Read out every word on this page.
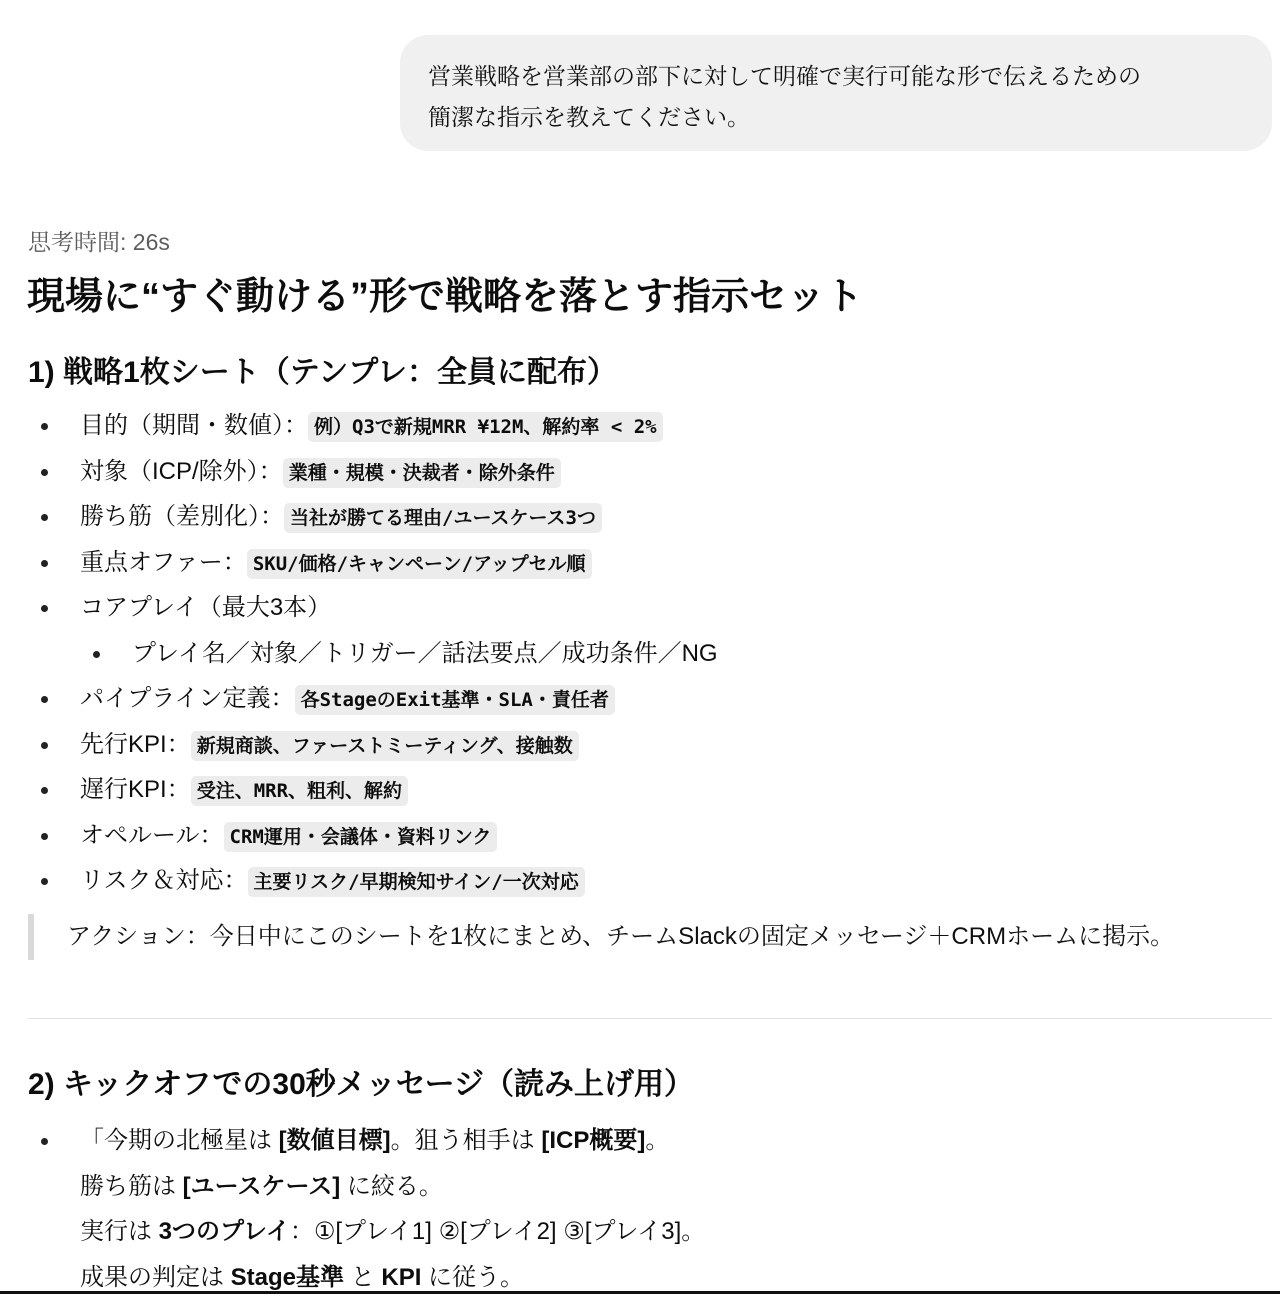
営業戦略を営業部の部下に対して明確で実行可能な形で伝えるための
簡潔な指示を教えてください。
思考時間: 26s
現場に“すぐ動ける”形で戦略を落とす指示セット
1) 戦略1枚シート（テンプレ：全員に配布）
目的（期間・数値）： 例）Q3で新規MRR ¥12M、解約率 < 2%
対象（ICP/除外）： 業種・規模・決裁者・除外条件
勝ち筋（差別化）： 当社が勝てる理由/ユースケース3つ
重点オファー： SKU/価格/キャンペーン/アップセル順
コアプレイ（最大3本）
プレイ名／対象／トリガー／話法要点／成功条件／NG
パイプライン定義： 各StageのExit基準・SLA・責任者
先行KPI： 新規商談、ファーストミーティング、接触数
遅行KPI： 受注、MRR、粗利、解約
オペルール： CRM運用・会議体・資料リンク
リスク＆対応： 主要リスク/早期検知サイン/一次対応
アクション：今日中にこのシートを1枚にまとめ、チームSlackの固定メッセージ＋CRMホームに掲示。
2) キックオフでの30秒メッセージ（読み上げ用）
「今期の北極星は [数値目標]。狙う相手は [ICP概要]。
勝ち筋は [ユースケース] に絞る。
実行は 3つのプレイ：①[プレイ1] ②[プレイ2] ③[プレイ3]。
成果の判定は Stage基準 と KPI に従う。
